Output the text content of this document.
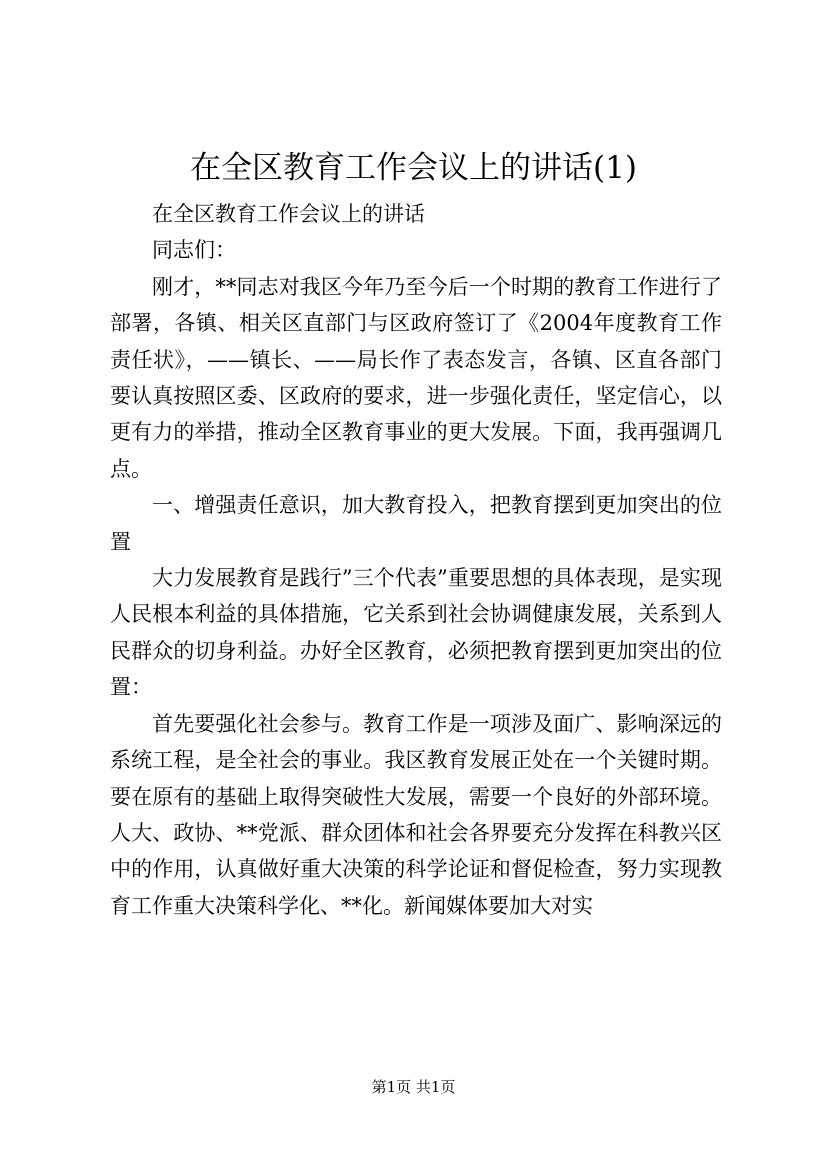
在全区教育工作会议上的讲话(1)

在全区教育工作会议上的讲话

同志们：

刚才，**同志对我区今年乃至今后一个时期的教育工作进行了部署，各镇、相关区直部门与区政府签订了《2004年度教育工作责任状》，——镇长、——局长作了表态发言，各镇、区直各部门要认真按照区委、区政府的要求，进一步强化责任，坚定信心，以更有力的举措，推动全区教育事业的更大发展。下面，我再强调几点。

一、增强责任意识，加大教育投入，把教育摆到更加突出的位置

大力发展教育是践行”三个代表”重要思想的具体表现，是实现人民根本利益的具体措施，它关系到社会协调健康发展，关系到人民群众的切身利益。办好全区教育，必须把教育摆到更加突出的位置：

首先要强化社会参与。教育工作是一项涉及面广、影响深远的系统工程，是全社会的事业。我区教育发展正处在一个关键时期。要在原有的基础上取得突破性大发展，需要一个良好的外部环境。人大、政协、**党派、群众团体和社会各界要充分发挥在科教兴区中的作用，认真做好重大决策的科学论证和督促检查，努力实现教育工作重大决策科学化、**化。新闻媒体要加大对实

第1页 共1页
